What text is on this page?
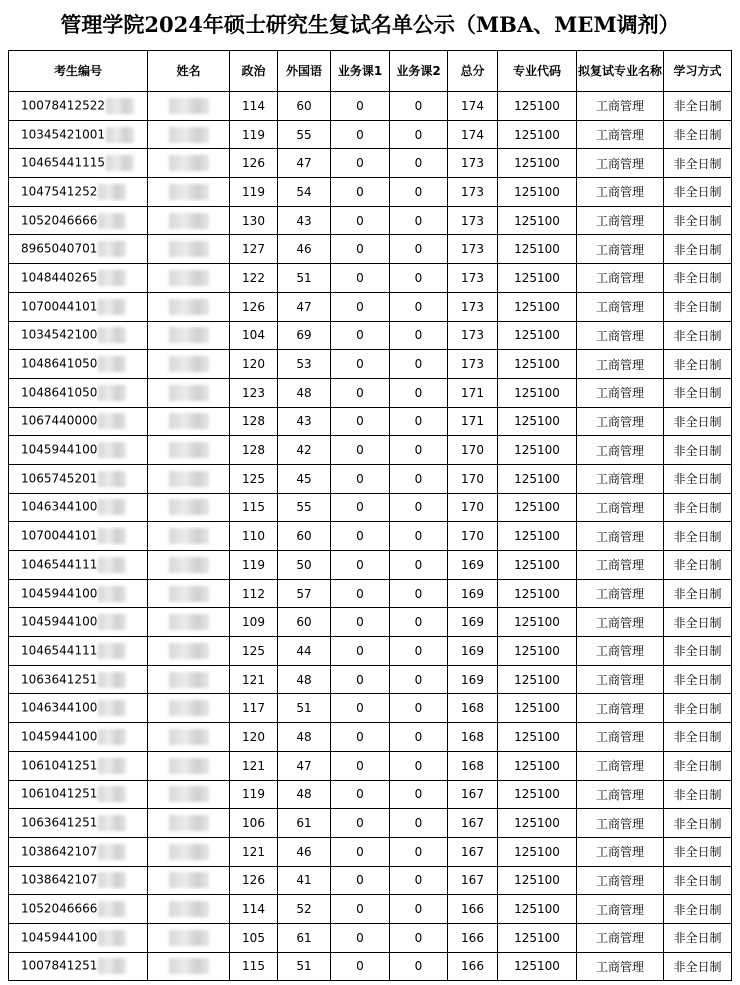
管理学院2024年硕士研究生复试名单公示（MBA、MEM调剂）
考生编号	姓名	政治	外国语	业务课1	业务课2	总分	专业代码	拟复试专业名称	学习方式
10078412522		114	60	0	0	174	125100	工商管理	非全日制
10345421001		119	55	0	0	174	125100	工商管理	非全日制
10465441115		126	47	0	0	173	125100	工商管理	非全日制
1047541252		119	54	0	0	173	125100	工商管理	非全日制
1052046666		130	43	0	0	173	125100	工商管理	非全日制
8965040701		127	46	0	0	173	125100	工商管理	非全日制
1048440265		122	51	0	0	173	125100	工商管理	非全日制
1070044101		126	47	0	0	173	125100	工商管理	非全日制
1034542100		104	69	0	0	173	125100	工商管理	非全日制
1048641050		120	53	0	0	173	125100	工商管理	非全日制
1048641050		123	48	0	0	171	125100	工商管理	非全日制
1067440000		128	43	0	0	171	125100	工商管理	非全日制
1045944100		128	42	0	0	170	125100	工商管理	非全日制
1065745201		125	45	0	0	170	125100	工商管理	非全日制
1046344100		115	55	0	0	170	125100	工商管理	非全日制
1070044101		110	60	0	0	170	125100	工商管理	非全日制
1046544111		119	50	0	0	169	125100	工商管理	非全日制
1045944100		112	57	0	0	169	125100	工商管理	非全日制
1045944100		109	60	0	0	169	125100	工商管理	非全日制
1046544111		125	44	0	0	169	125100	工商管理	非全日制
1063641251		121	48	0	0	169	125100	工商管理	非全日制
1046344100		117	51	0	0	168	125100	工商管理	非全日制
1045944100		120	48	0	0	168	125100	工商管理	非全日制
1061041251		121	47	0	0	168	125100	工商管理	非全日制
1061041251		119	48	0	0	167	125100	工商管理	非全日制
1063641251		106	61	0	0	167	125100	工商管理	非全日制
1038642107		121	46	0	0	167	125100	工商管理	非全日制
1038642107		126	41	0	0	167	125100	工商管理	非全日制
1052046666		114	52	0	0	166	125100	工商管理	非全日制
1045944100		105	61	0	0	166	125100	工商管理	非全日制
1007841251		115	51	0	0	166	125100	工商管理	非全日制
